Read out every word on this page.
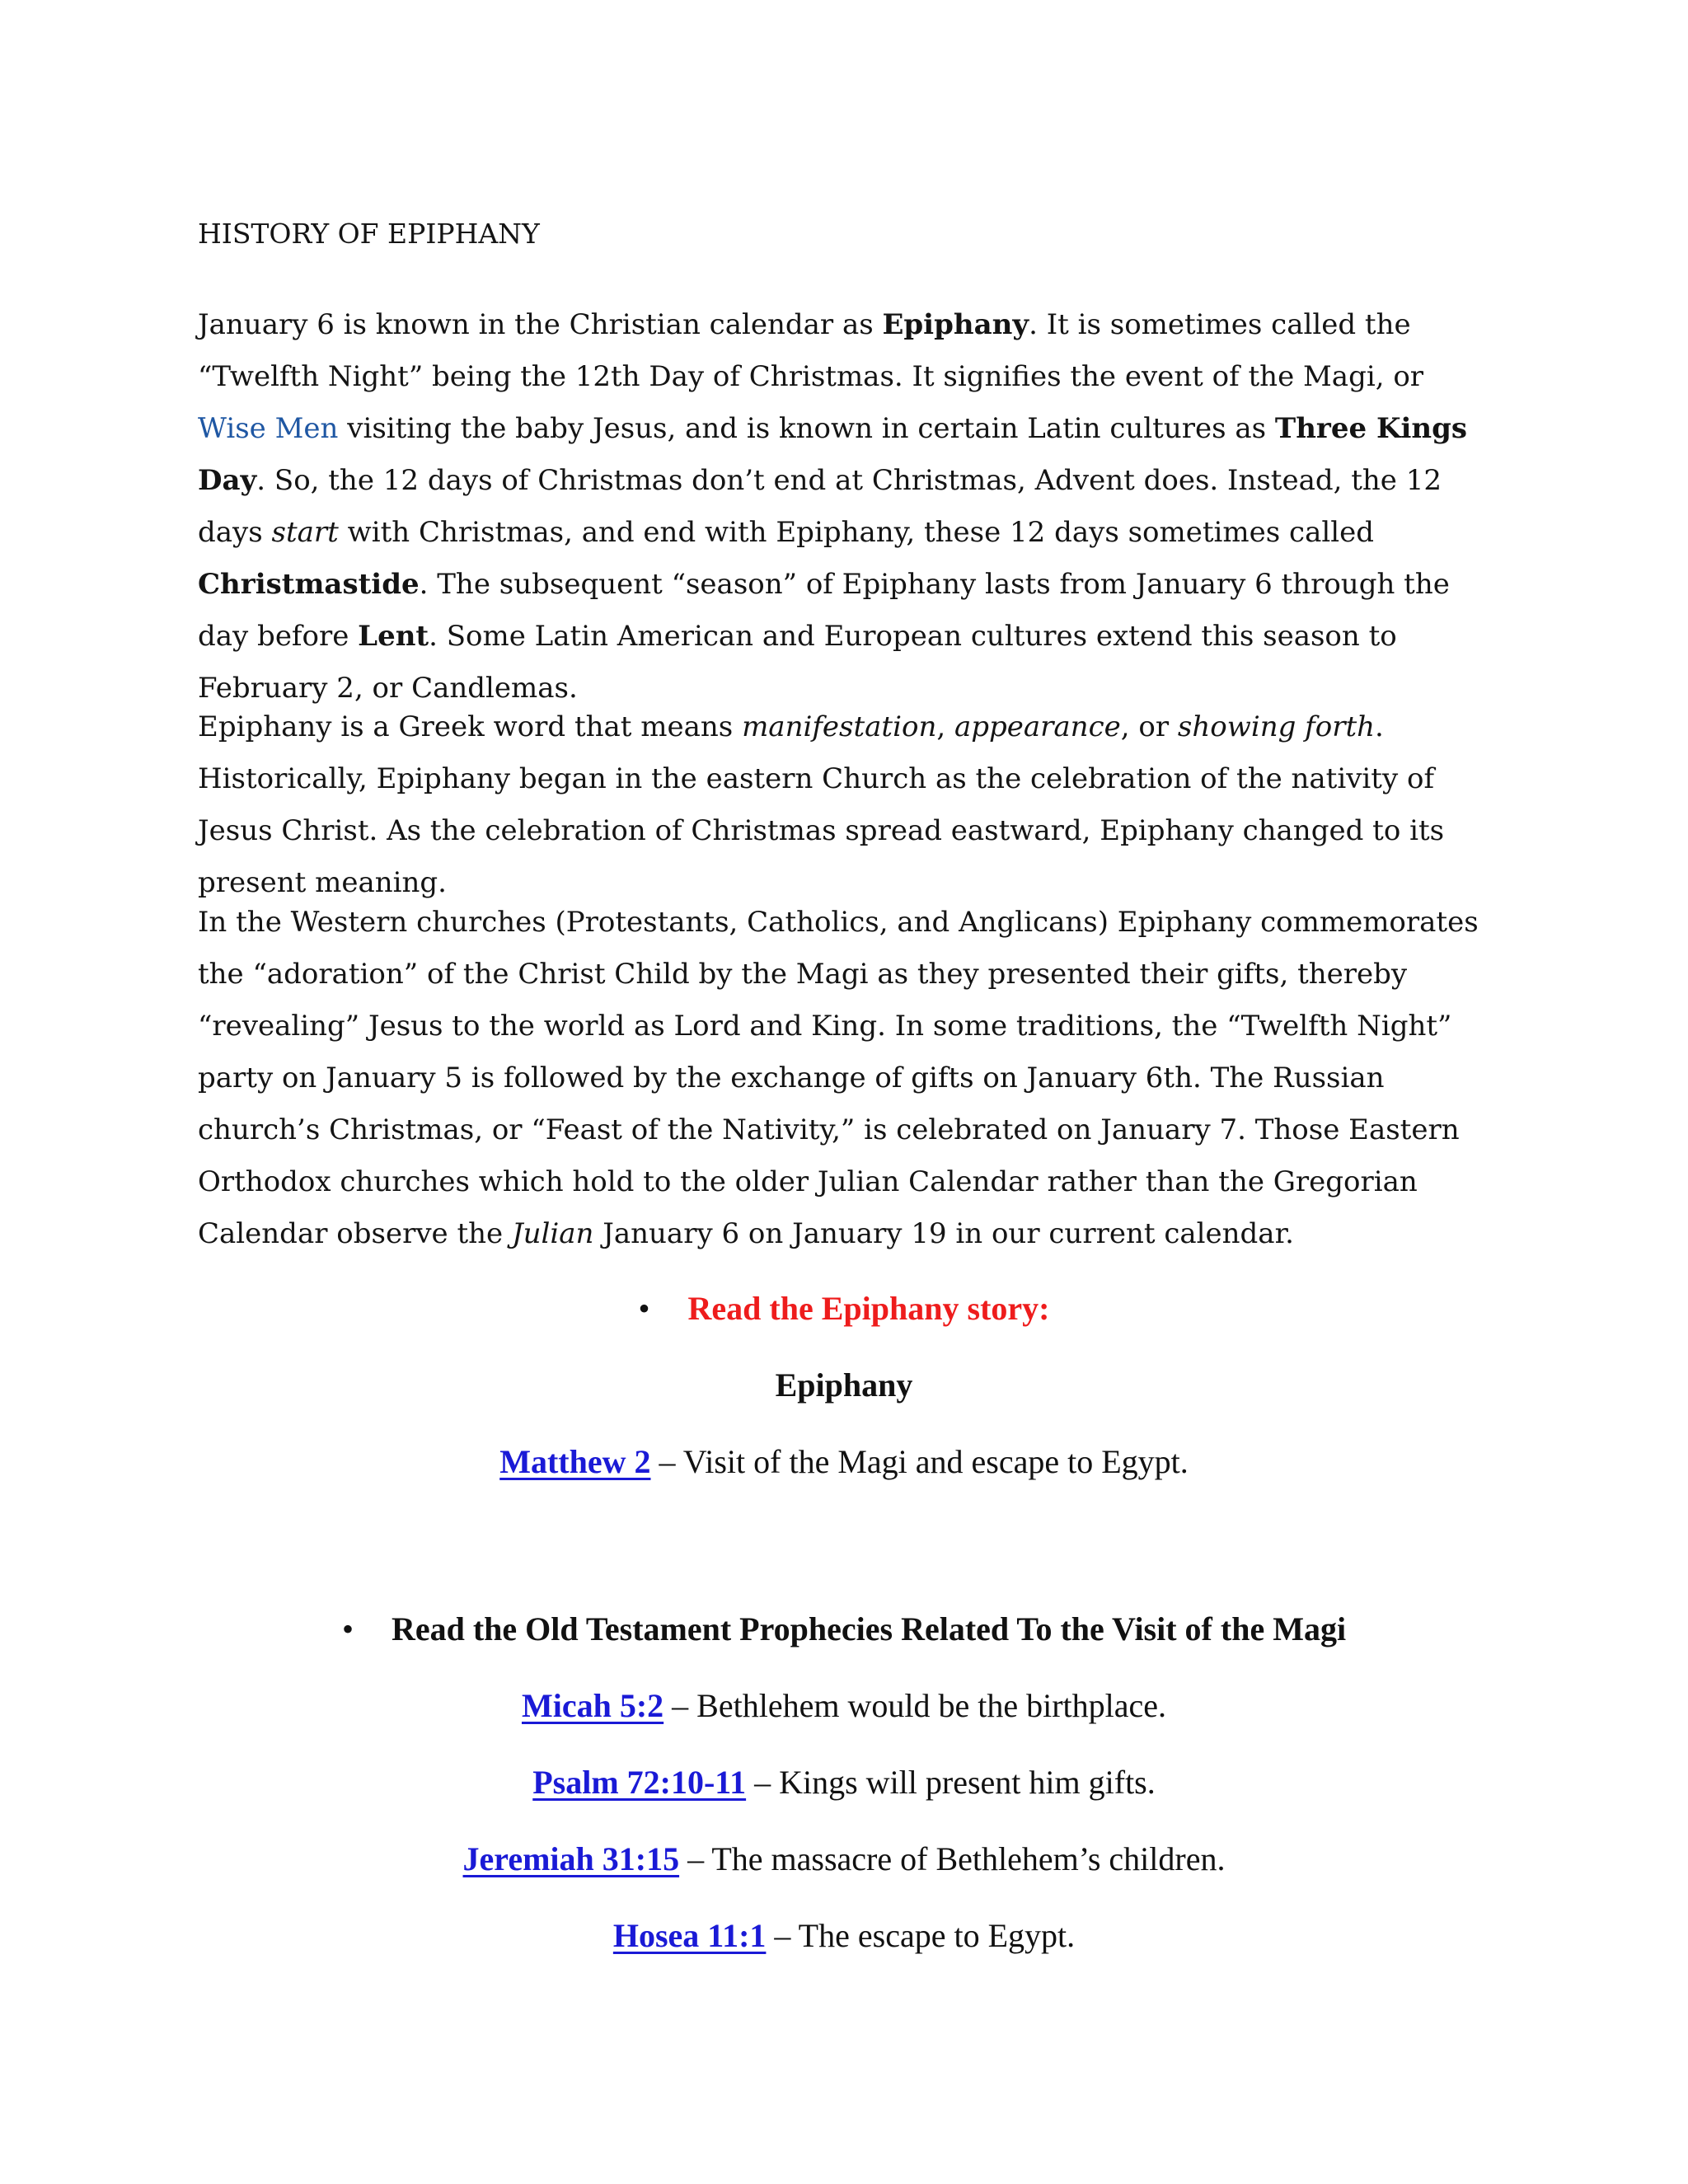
HISTORY OF EPIPHANY

January 6 is known in the Christian calendar as Epiphany. It is sometimes called the “Twelfth Night” being the 12th Day of Christmas. It signifies the event of the Magi, or Wise Men visiting the baby Jesus, and is known in certain Latin cultures as Three Kings Day. So, the 12 days of Christmas don’t end at Christmas, Advent does. Instead, the 12 days start with Christmas, and end with Epiphany, these 12 days sometimes called Christmastide. The subsequent “season” of Epiphany lasts from January 6 through the day before Lent. Some Latin American and European cultures extend this season to February 2, or Candlemas.

Epiphany is a Greek word that means manifestation, appearance, or showing forth. Historically, Epiphany began in the eastern Church as the celebration of the nativity of Jesus Christ. As the celebration of Christmas spread eastward, Epiphany changed to its present meaning.

In the Western churches (Protestants, Catholics, and Anglicans) Epiphany commemorates the “adoration” of the Christ Child by the Magi as they presented their gifts, thereby “revealing” Jesus to the world as Lord and King. In some traditions, the “Twelfth Night” party on January 5 is followed by the exchange of gifts on January 6th. The Russian church’s Christmas, or “Feast of the Nativity,” is celebrated on January 7. Those Eastern Orthodox churches which hold to the older Julian Calendar rather than the Gregorian Calendar observe the Julian January 6 on January 19 in our current calendar.

• Read the Epiphany story:

Epiphany

Matthew 2 – Visit of the Magi and escape to Egypt.

• Read the Old Testament Prophecies Related To the Visit of the Magi

Micah 5:2 – Bethlehem would be the birthplace.

Psalm 72:10-11 – Kings will present him gifts.

Jeremiah 31:15 – The massacre of Bethlehem’s children.

Hosea 11:1 – The escape to Egypt.
